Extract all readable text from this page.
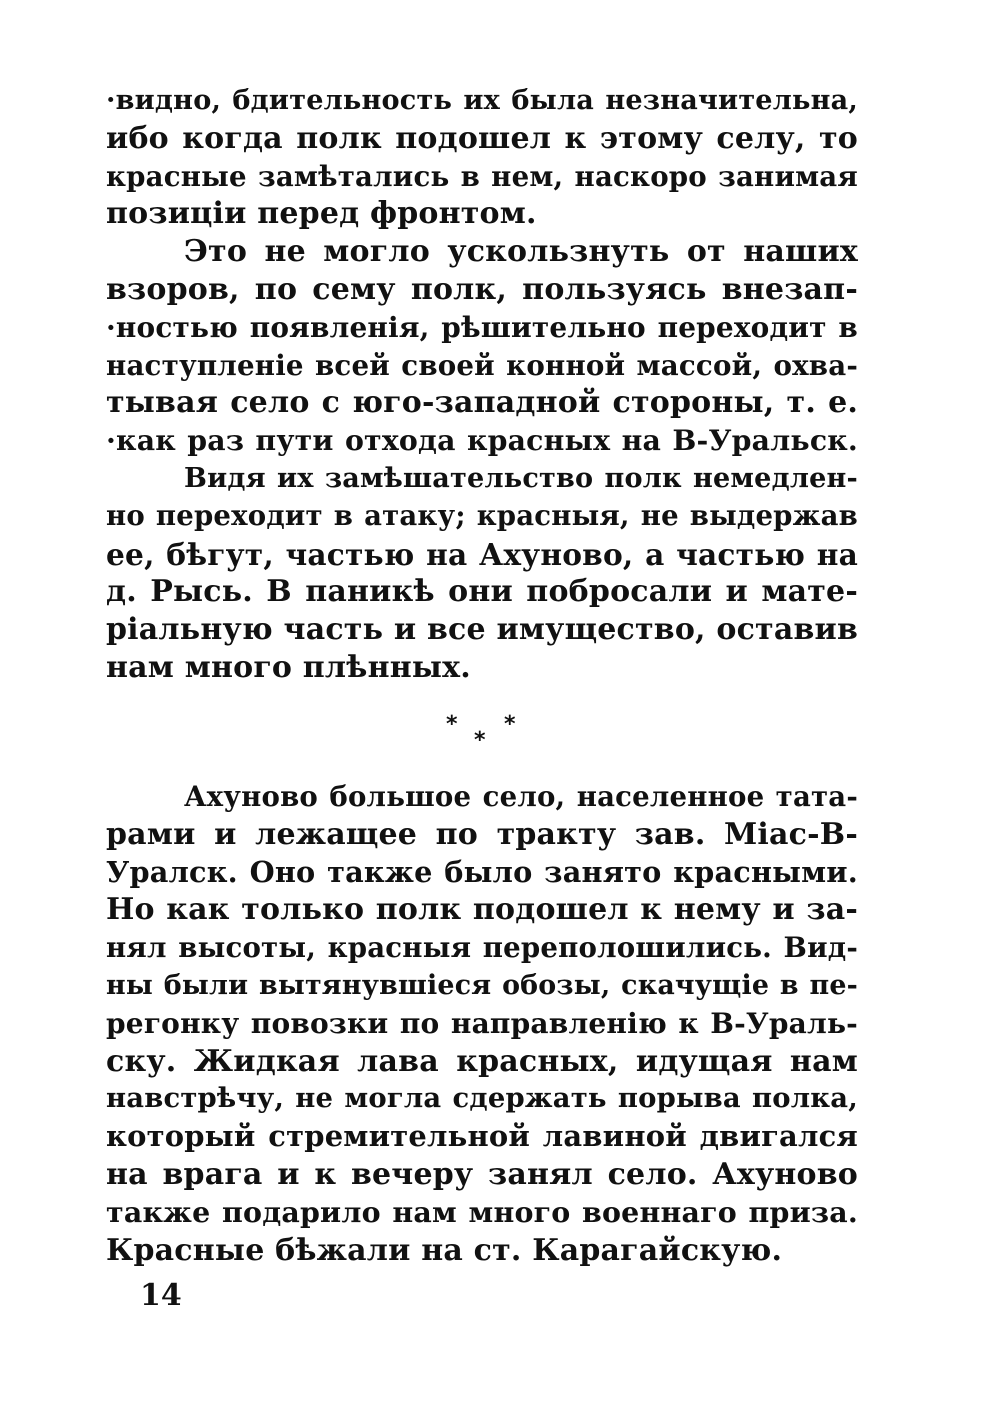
·видно, бдительность их была незначительна,
ибо когда полк подошел к этому селу, то
красные замѣтались в нем, наскоро занимая
позиціи перед фронтом.
Это не могло ускользнуть от наших
взоров, по сему полк, пользуясь внезап-
·ностью появленія, рѣшительно переходит в
наступленіе всей своей конной массой, охва-
тывая село с юго-западной стороны, т. е.
·как раз пути отхода красных на В-Уральск.
Видя их замѣшательство полк немедлен-
но переходит в атаку; красныя, не выдержав
ее, бѣгут, частью на Ахуново, а частью на
д. Рысь. В паникѣ они побросали и мате-
ріальную часть и все имущество, оставив
нам много плѣнных.
*
*
*
Ахуново большое село, населенное тата-
рами и лежащее по тракту зав. Міас-В-
Уралск. Оно также было занято красными.
Но как только полк подошел к нему и за-
нял высоты, красныя переполошились. Вид-
ны были вытянувшіеся обозы, скачущіе в пе-
регонку повозки по направленію к В-Ураль-
ску. Жидкая лава красных, идущая нам
навстрѣчу, не могла сдержать порыва полка,
который стремительной лавиной двигался
на врага и к вечеру занял село. Ахуново
также подарило нам много военнаго приза.
Красные бѣжали на ст. Карагайскую.
14
